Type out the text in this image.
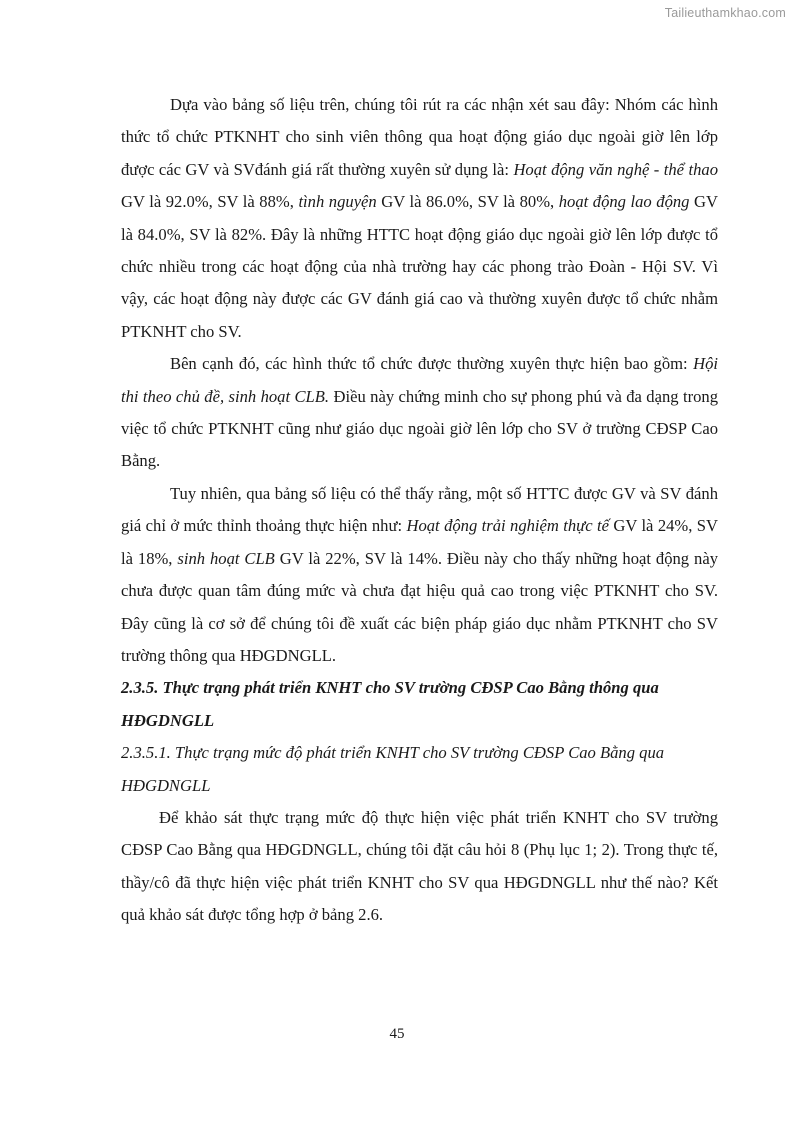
Tailieuthamkhao.com

Dựa vào bảng số liệu trên, chúng tôi rút ra các nhận xét sau đây: Nhóm các hình thức tổ chức PTKNHT cho sinh viên thông qua hoạt động giáo dục ngoài giờ lên lớp được các GV và SVđánh giá rất thường xuyên sử dụng là: Hoạt động văn nghệ - thể thao GV là 92.0%, SV là 88%, tình nguyện GV là 86.0%, SV là 80%, hoạt động lao động GV là 84.0%, SV là 82%. Đây là những HTTC hoạt động giáo dục ngoài giờ lên lớp được tổ chức nhiều trong các hoạt động của nhà trường hay các phong trào Đoàn - Hội SV. Vì vậy, các hoạt động này được các GV đánh giá cao và thường xuyên được tổ chức nhằm PTKNHT cho SV.

Bên cạnh đó, các hình thức tổ chức được thường xuyên thực hiện bao gồm: Hội thi theo chủ đề, sinh hoạt CLB. Điều này chứng minh cho sự phong phú và đa dạng trong việc tổ chức PTKNHT cũng như giáo dục ngoài giờ lên lớp cho SV ở trường CĐSP Cao Bằng.

Tuy nhiên, qua bảng số liệu có thể thấy rằng, một số HTTC được GV và SV đánh giá chỉ ở mức thỉnh thoảng thực hiện như: Hoạt động trải nghiệm thực tế GV là 24%, SV là 18%, sinh hoạt CLB GV là 22%, SV là 14%. Điều này cho thấy những hoạt động này chưa được quan tâm đúng mức và chưa đạt hiệu quả cao trong việc PTKNHT cho SV. Đây cũng là cơ sở để chúng tôi đề xuất các biện pháp giáo dục nhằm PTKNHT cho SV trường thông qua HĐGDNGLL.

2.3.5. Thực trạng phát triển KNHT cho SV trường CĐSP Cao Bằng thông qua HĐGDNGLL

2.3.5.1. Thực trạng mức độ phát triển KNHT cho SV trường CĐSP Cao Bằng qua HĐGDNGLL

Để khảo sát thực trạng mức độ thực hiện việc phát triển KNHT cho SV trường CĐSP Cao Bằng qua HĐGDNGLL, chúng tôi đặt câu hỏi 8 (Phụ lục 1; 2). Trong thực tế, thầy/cô đã thực hiện việc phát triển KNHT cho SV qua HĐGDNGLL như thế nào? Kết quả khảo sát được tổng hợp ở bảng 2.6.

45
